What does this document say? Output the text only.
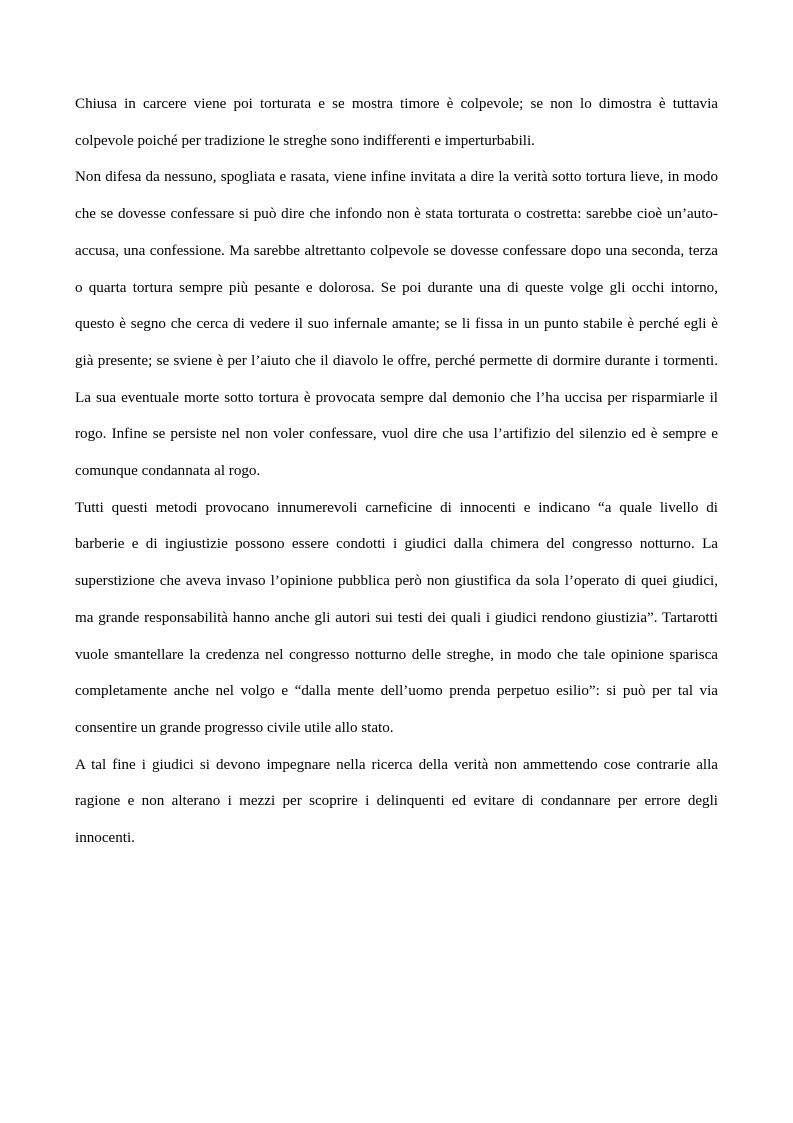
Chiusa in carcere viene poi torturata e se mostra timore è colpevole; se non lo dimostra è tuttavia colpevole poiché per tradizione le streghe sono indifferenti e imperturbabili.

Non difesa da nessuno, spogliata e rasata, viene infine invitata a dire la verità sotto tortura lieve, in modo che se dovesse confessare si può dire che infondo non è stata torturata o costretta: sarebbe cioè un’auto-accusa, una confessione. Ma sarebbe altrettanto colpevole se dovesse confessare dopo una seconda, terza o quarta tortura sempre più pesante e dolorosa. Se poi durante una di queste volge gli occhi intorno, questo è segno che cerca di vedere il suo infernale amante; se li fissa in un punto stabile è perché egli è già presente; se sviene è per l’aiuto che il diavolo le offre, perché permette di dormire durante i tormenti. La sua eventuale morte sotto tortura è provocata sempre dal demonio che l’ha uccisa per risparmiarle il rogo. Infine se persiste nel non voler confessare, vuol dire che usa l’artifizio del silenzio ed è sempre e comunque condannata al rogo.

Tutti questi metodi provocano innumerevoli carneficine di innocenti e indicano “a quale livello di barberie e di ingiustizie possono essere condotti i giudici dalla chimera del congresso notturno. La superstizione che aveva invaso l’opinione pubblica però non giustifica da sola l’operato di quei giudici, ma grande responsabilità hanno anche gli autori sui testi dei quali i giudici rendono giustizia”. Tartarotti vuole smantellare la credenza nel congresso notturno delle streghe, in modo che tale opinione sparisca completamente anche nel volgo e “dalla mente dell’uomo prenda perpetuo esilio”: si può per tal via consentire un grande progresso civile utile allo stato.

A tal fine i giudici si devono impegnare nella ricerca della verità non ammettendo cose contrarie alla ragione e non alterano i mezzi per scoprire i delinquenti ed evitare di condannare per errore degli innocenti.
